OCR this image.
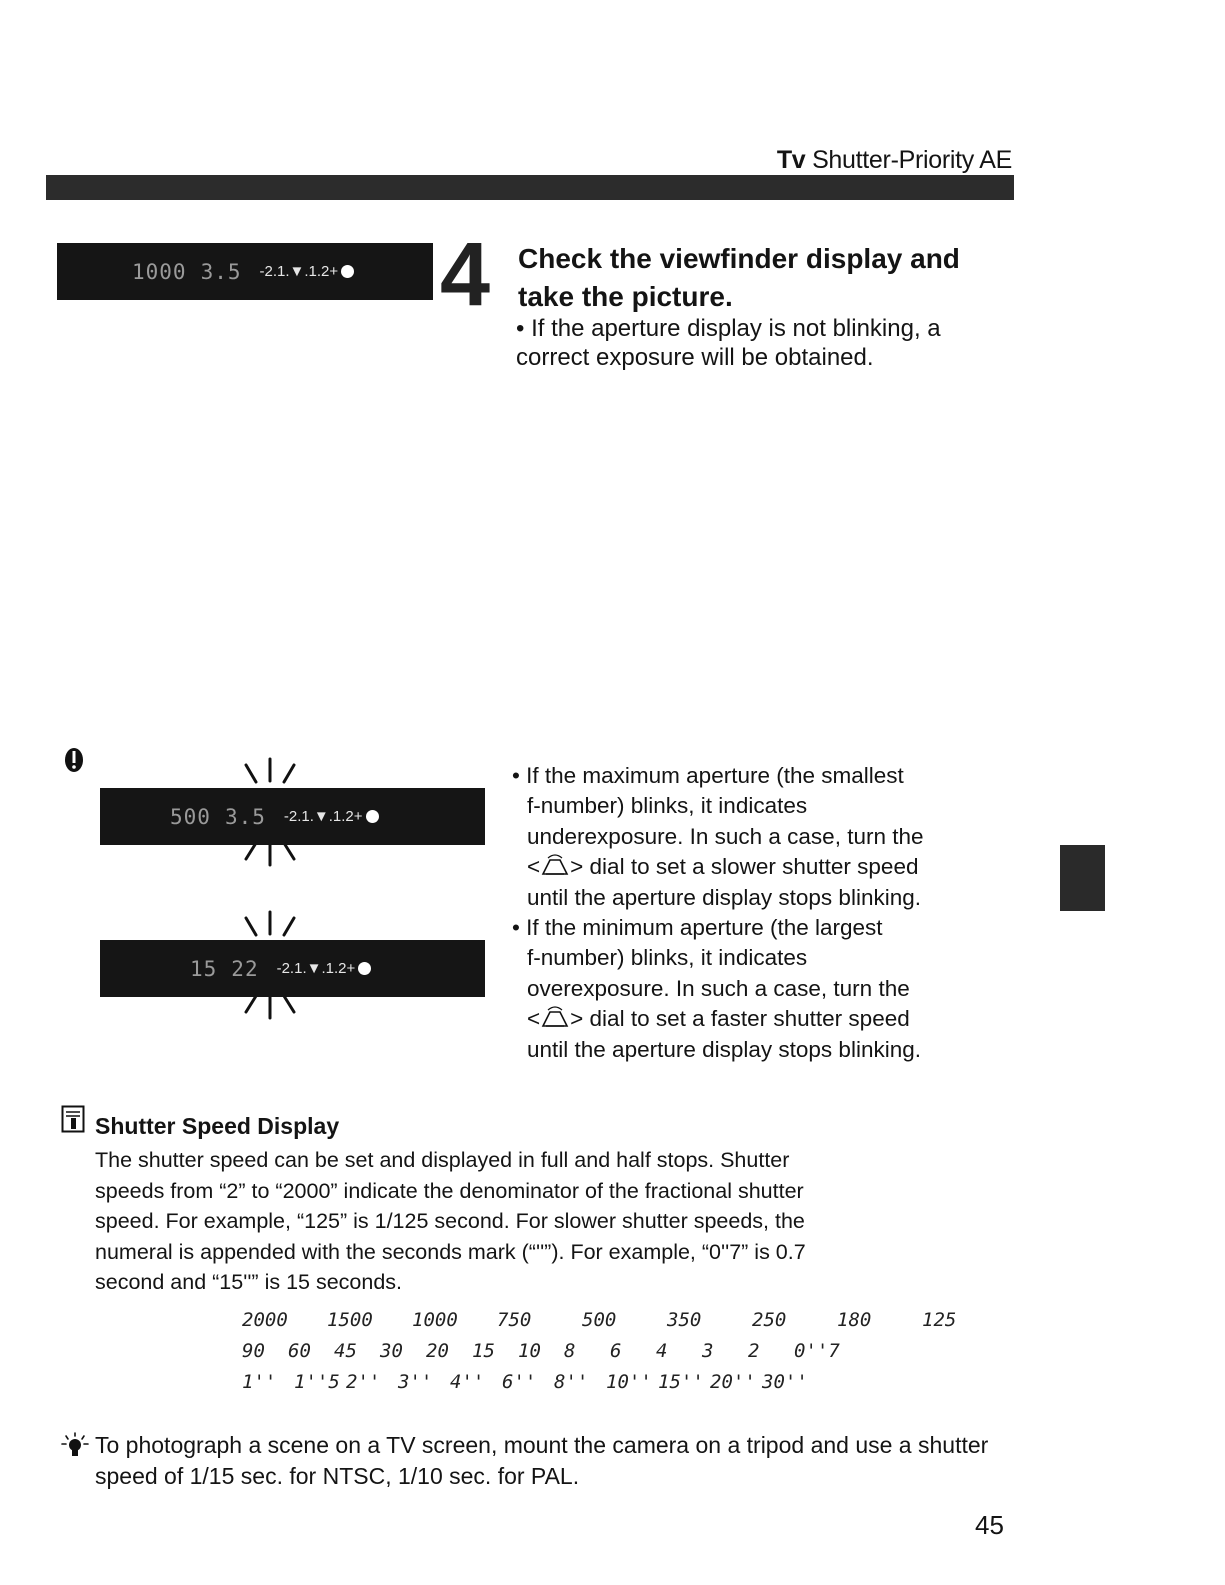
Tv Shutter-Priority AE
1000 3.5 -2.1.▼.1.2+ 4 Check the viewfinder display and take the picture.
• If the aperture display is not blinking, a correct exposure will be obtained.
500 3.5 -2.1.▼.1.2+
15 22 -2.1.▼.1.2+
• If the maximum aperture (the smallest
f-number) blinks, it indicates
underexposure. In such a case, turn the
< > dial to set a slower shutter speed
until the aperture display stops blinking.
• If the minimum aperture (the largest
f-number) blinks, it indicates
overexposure. In such a case, turn the
< > dial to set a faster shutter speed
until the aperture display stops blinking.
Shutter Speed Display
The shutter speed can be set and displayed in full and half stops. Shutter
speeds from “2” to “2000” indicate the denominator of the fractional shutter
speed. For example, “125” is 1/125 second. For slower shutter speeds, the
numeral is appended with the seconds mark (“''”). For example, “0''7” is 0.7
second and “15''” is 15 seconds.
2000	1500	1000	750	500	350	250	180	125
90	60	45	30	20	15	10	8	6	4	3	2	0''7
1'' 1''5 2'' 3'' 4'' 6'' 8'' 10'' 15'' 20'' 30''
To photograph a scene on a TV screen, mount the camera on a tripod and use a shutter speed of 1/15 sec. for NTSC, 1/10 sec. for PAL.
45
